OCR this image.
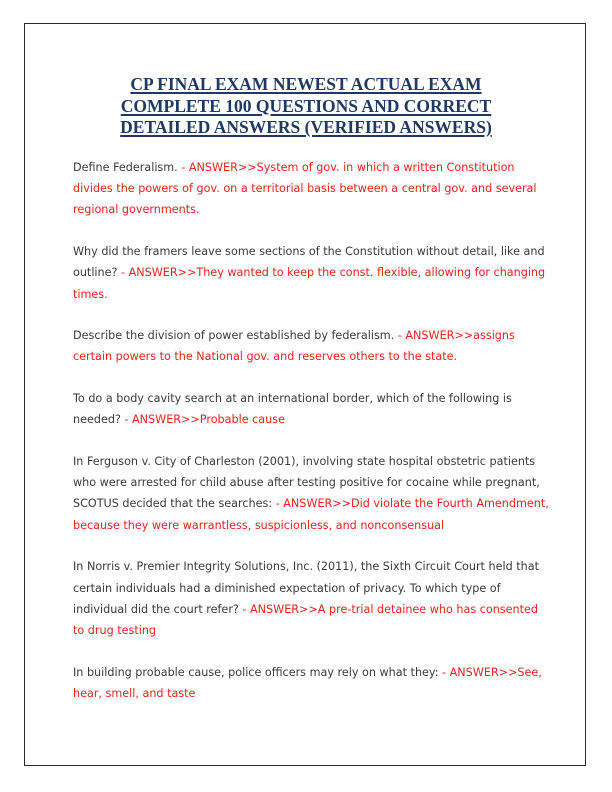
CP FINAL EXAM NEWEST ACTUAL EXAM
COMPLETE 100 QUESTIONS AND CORRECT
DETAILED ANSWERS (VERIFIED ANSWERS)
Define Federalism. - ANSWER>>System of gov. in which a written Constitution
divides the powers of gov. on a territorial basis between a central gov. and several
regional governments.
Why did the framers leave some sections of the Constitution without detail, like and
outline? - ANSWER>>They wanted to keep the const. flexible, allowing for changing
times.
Describe the division of power established by federalism. - ANSWER>>assigns
certain powers to the National gov. and reserves others to the state.
To do a body cavity search at an international border, which of the following is
needed? - ANSWER>>Probable cause
In Ferguson v. City of Charleston (2001), involving state hospital obstetric patients
who were arrested for child abuse after testing positive for cocaine while pregnant,
SCOTUS decided that the searches: - ANSWER>>Did violate the Fourth Amendment,
because they were warrantless, suspicionless, and nonconsensual
In Norris v. Premier Integrity Solutions, Inc. (2011), the Sixth Circuit Court held that
certain individuals had a diminished expectation of privacy. To which type of
individual did the court refer? - ANSWER>>A pre-trial detainee who has consented
to drug testing
In building probable cause, police officers may rely on what they: - ANSWER>>See,
hear, smell, and taste
